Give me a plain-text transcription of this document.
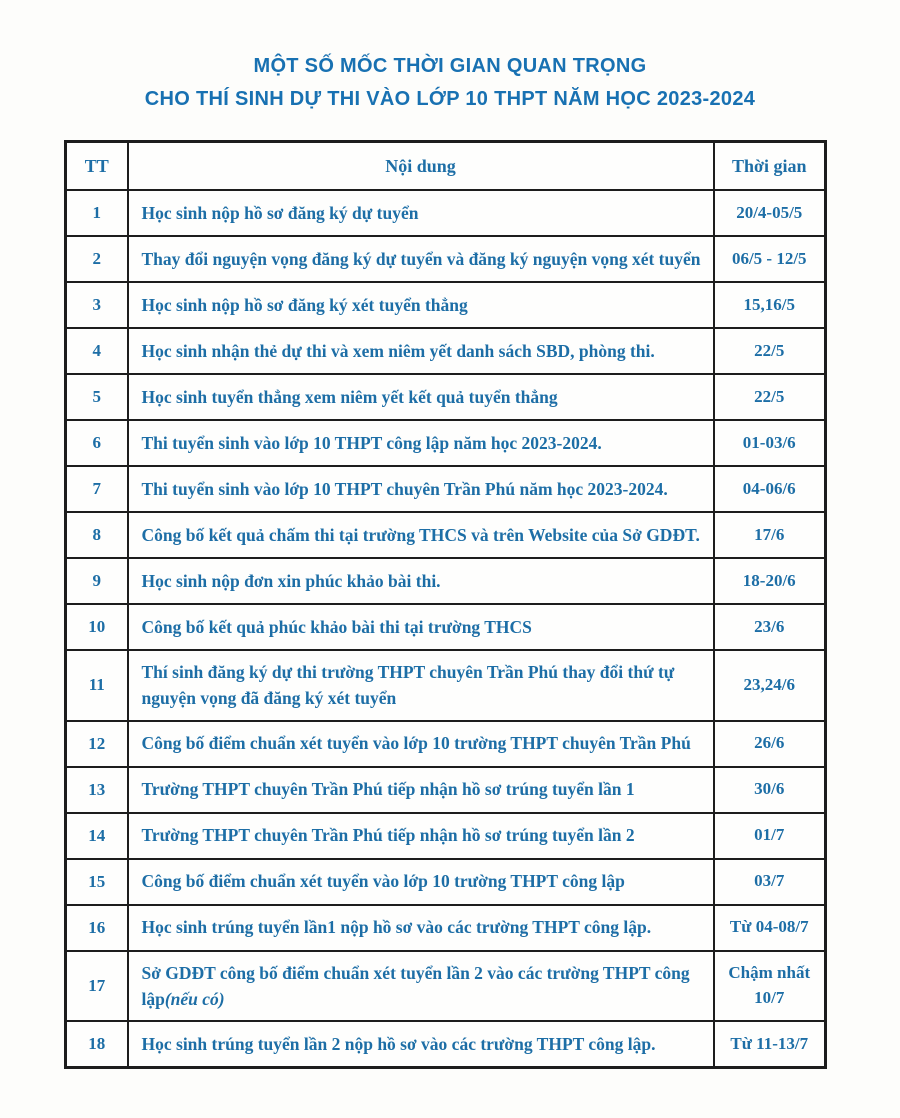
MỘT SỐ MỐC THỜI GIAN QUAN TRỌNG
CHO THÍ SINH DỰ THI VÀO LỚP 10 THPT NĂM HỌC 2023-2024
TT	Nội dung	Thời gian
1	Học sinh nộp hồ sơ đăng ký dự tuyển	20/4-05/5
2	Thay đổi nguyện vọng đăng ký dự tuyển và đăng ký nguyện vọng xét tuyển	06/5 - 12/5
3	Học sinh nộp hồ sơ đăng ký xét tuyển thẳng	15,16/5
4	Học sinh nhận thẻ dự thi và xem niêm yết danh sách SBD, phòng thi.	22/5
5	Học sinh tuyển thẳng xem niêm yết kết quả tuyển thẳng	22/5
6	Thi tuyển sinh vào lớp 10 THPT công lập năm học 2023-2024.	01-03/6
7	Thi tuyển sinh vào lớp 10 THPT chuyên Trần Phú năm học 2023-2024.	04-06/6
8	Công bố kết quả chấm thi tại trường THCS và trên Website của Sở GDĐT.	17/6
9	Học sinh nộp đơn xin phúc khảo bài thi.	18-20/6
10	Công bố kết quả phúc khảo bài thi tại trường THCS	23/6
11	Thí sinh đăng ký dự thi trường THPT chuyên Trần Phú thay đổi thứ tự nguyện vọng đã đăng ký xét tuyển	23,24/6
12	Công bố điểm chuẩn xét tuyển vào lớp 10 trường THPT chuyên Trần Phú	26/6
13	Trường THPT chuyên Trần Phú tiếp nhận hồ sơ trúng tuyển lần 1	30/6
14	Trường THPT chuyên Trần Phú tiếp nhận hồ sơ trúng tuyển lần 2	01/7
15	Công bố điểm chuẩn xét tuyển vào lớp 10 trường THPT công lập	03/7
16	Học sinh trúng tuyển lần1 nộp hồ sơ vào các trường THPT công lập.	Từ 04-08/7
17	Sở GDĐT công bố điểm chuẩn xét tuyển lần 2 vào các trường THPT công lập(nếu có)	Chậm nhất 10/7
18	Học sinh trúng tuyển lần 2 nộp hồ sơ vào các trường THPT công lập.	Từ 11-13/7
